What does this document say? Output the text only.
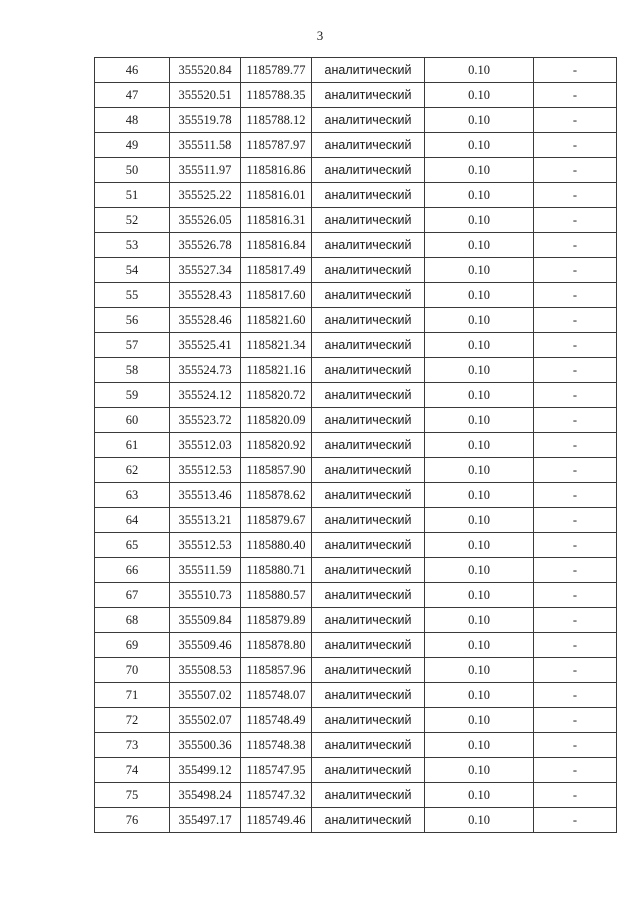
3
46	355520.84	1185789.77	аналитический	0.10	-
47	355520.51	1185788.35	аналитический	0.10	-
48	355519.78	1185788.12	аналитический	0.10	-
49	355511.58	1185787.97	аналитический	0.10	-
50	355511.97	1185816.86	аналитический	0.10	-
51	355525.22	1185816.01	аналитический	0.10	-
52	355526.05	1185816.31	аналитический	0.10	-
53	355526.78	1185816.84	аналитический	0.10	-
54	355527.34	1185817.49	аналитический	0.10	-
55	355528.43	1185817.60	аналитический	0.10	-
56	355528.46	1185821.60	аналитический	0.10	-
57	355525.41	1185821.34	аналитический	0.10	-
58	355524.73	1185821.16	аналитический	0.10	-
59	355524.12	1185820.72	аналитический	0.10	-
60	355523.72	1185820.09	аналитический	0.10	-
61	355512.03	1185820.92	аналитический	0.10	-
62	355512.53	1185857.90	аналитический	0.10	-
63	355513.46	1185878.62	аналитический	0.10	-
64	355513.21	1185879.67	аналитический	0.10	-
65	355512.53	1185880.40	аналитический	0.10	-
66	355511.59	1185880.71	аналитический	0.10	-
67	355510.73	1185880.57	аналитический	0.10	-
68	355509.84	1185879.89	аналитический	0.10	-
69	355509.46	1185878.80	аналитический	0.10	-
70	355508.53	1185857.96	аналитический	0.10	-
71	355507.02	1185748.07	аналитический	0.10	-
72	355502.07	1185748.49	аналитический	0.10	-
73	355500.36	1185748.38	аналитический	0.10	-
74	355499.12	1185747.95	аналитический	0.10	-
75	355498.24	1185747.32	аналитический	0.10	-
76	355497.17	1185749.46	аналитический	0.10	-
